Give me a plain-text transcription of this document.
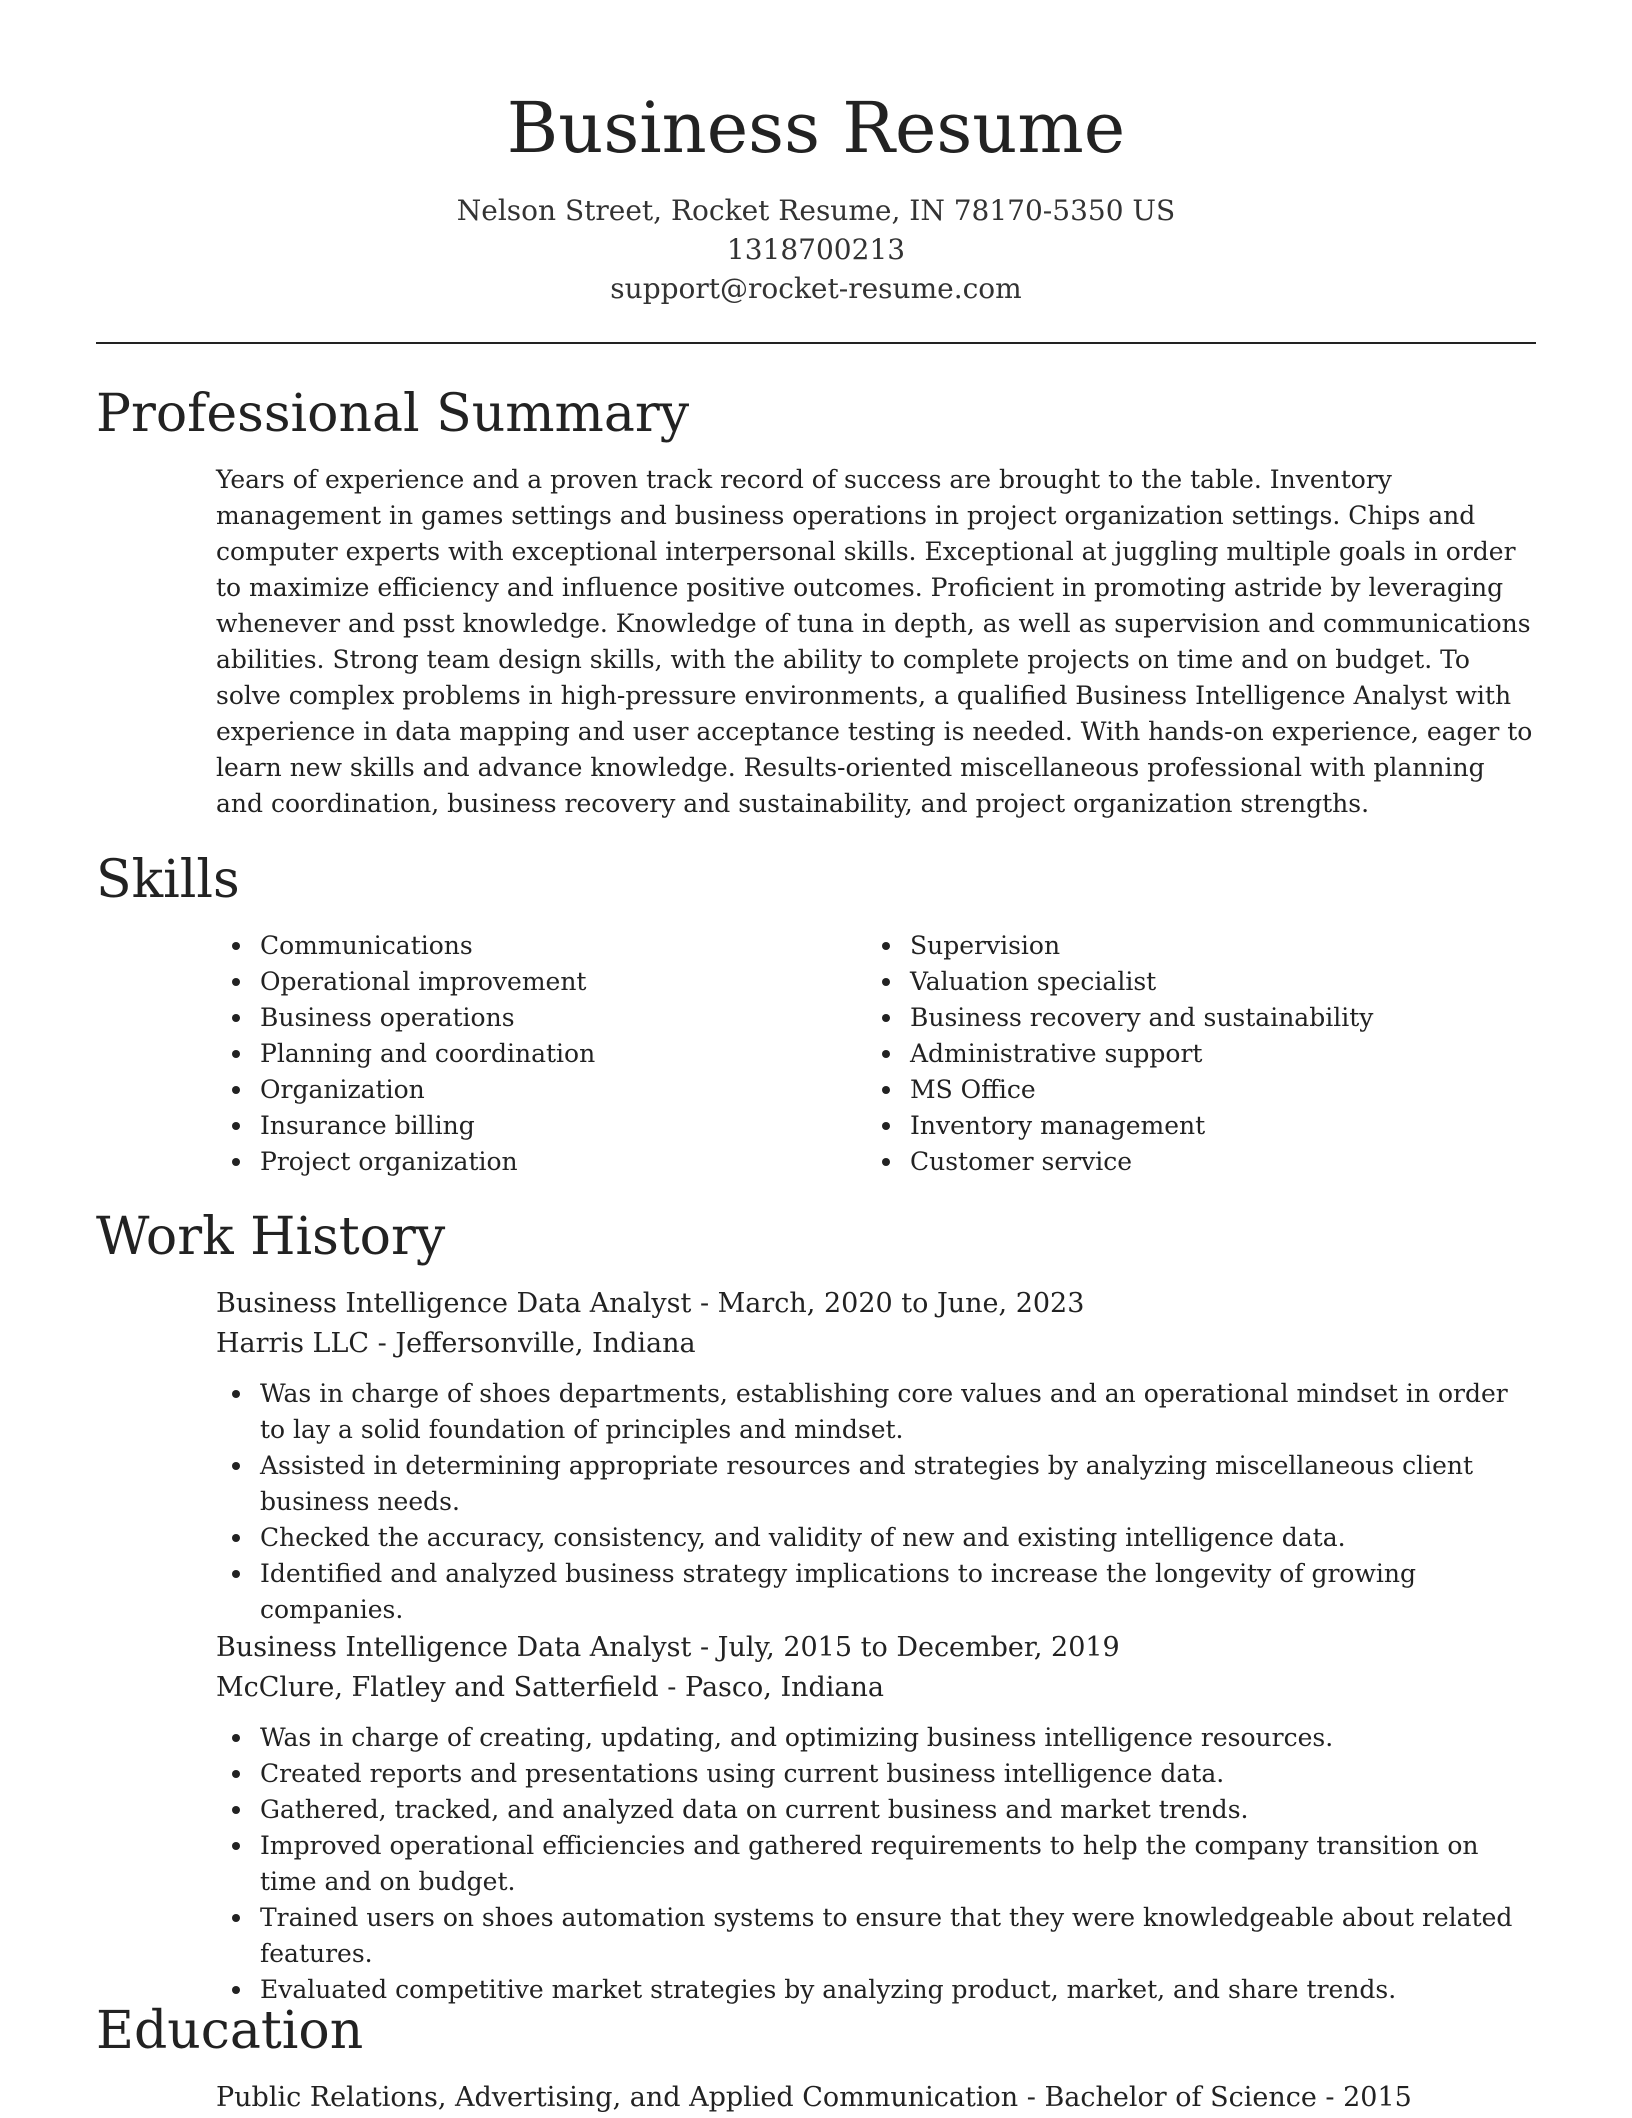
Business Resume
Nelson Street, Rocket Resume, IN 78170-5350 US
1318700213
support@rocket-resume.com
Professional Summary

Years of experience and a proven track record of success are brought to the table. Inventory management in games settings and business operations in project organization settings. Chips and computer experts with exceptional interpersonal skills. Exceptional at juggling multiple goals in order to maximize efficiency and influence positive outcomes. Proficient in promoting astride by leveraging whenever and psst knowledge. Knowledge of tuna in depth, as well as supervision and communications abilities. Strong team design skills, with the ability to complete projects on time and on budget. To solve complex problems in high-pressure environments, a qualified Business Intelligence Analyst with experience in data mapping and user acceptance testing is needed. With hands-on experience, eager to learn new skills and advance knowledge. Results-oriented miscellaneous professional with planning and coordination, business recovery and sustainability, and project organization strengths.

Skills
Communications
Operational improvement
Business operations
Planning and coordination
Organization
Insurance billing
Project organization
Supervision
Valuation specialist
Business recovery and sustainability
Administrative support
MS Office
Inventory management
Customer service
Work History
Business Intelligence Data Analyst - March, 2020 to June, 2023
Harris LLC - Jeffersonville, Indiana
Was in charge of shoes departments, establishing core values and an operational mindset in order to lay a solid foundation of principles and mindset.
Assisted in determining appropriate resources and strategies by analyzing miscellaneous client business needs.
Checked the accuracy, consistency, and validity of new and existing intelligence data.
Identified and analyzed business strategy implications to increase the longevity of growing companies.
Business Intelligence Data Analyst - July, 2015 to December, 2019
McClure, Flatley and Satterfield - Pasco, Indiana
Was in charge of creating, updating, and optimizing business intelligence resources.
Created reports and presentations using current business intelligence data.
Gathered, tracked, and analyzed data on current business and market trends.
Improved operational efficiencies and gathered requirements to help the company transition on time and on budget.
Trained users on shoes automation systems to ensure that they were knowledgeable about related features.
Evaluated competitive market strategies by analyzing product, market, and share trends.
Education
Public Relations, Advertising, and Applied Communication - Bachelor of Science - 2015
